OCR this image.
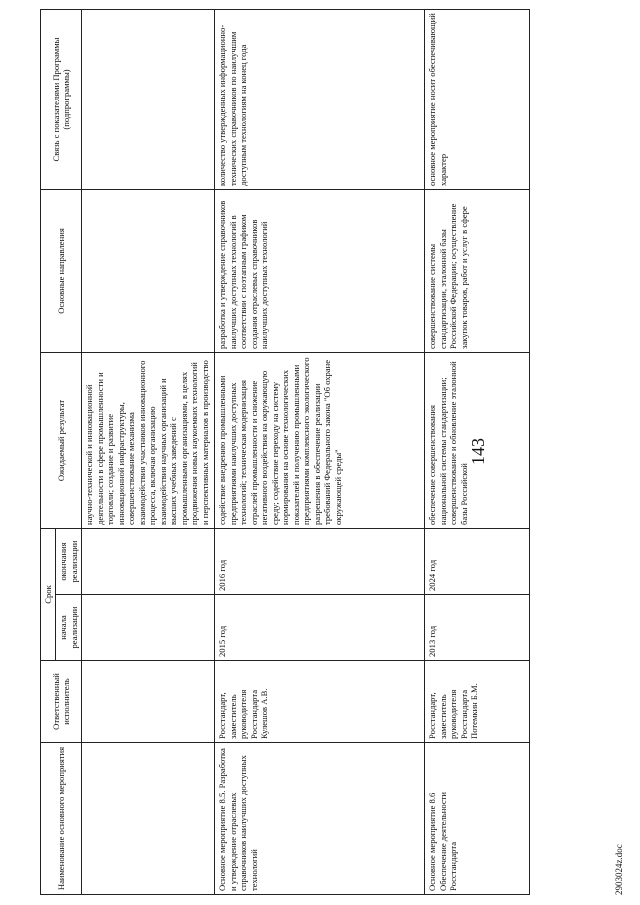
143
Наименование основного мероприятия	Ответственный исполнитель	Срок		Ожидаемый результат	Основные направления	Связь с показателями Программы (подпрограммы)
		начала реализации	окончания реализации			
				научно-технической и инновационной деятельности в сфере промышленности и торговли; создание и развитие инновационной инфраструктуры, совершенствование механизма взаимодействия участников инновационного процесса, включая организацию взаимодействия научных организаций и высших учебных заведений с промышленными организациями, в целях продвижения новых наукоемких технологий и перспективных материалов в производство		
Основное мероприятие 8.5. Разработка и утверждение отраслевых справочников наилучших доступных технологий	Росстандарт, заместитель руководителя Росстандарта Кулешов А.В.	2015 год	2016 год	содействие внедрению промышленными предприятиями наилучших доступных технологий; техническая модернизация отраслей промышленности и снижение негативного воздействия на окружающую среду; содействие переходу на систему нормирования на основе технологических показателей и получению промышленными предприятиями комплексного экологического разрешения в обеспечение реализации требований Федерального закона "Об охране окружающей среды"	разработка и утверждение справочников наилучших доступных технологий в соответствии с поэтапным графиком создания отраслевых справочников наилучших доступных технологий	количество утвержденных информационно-технических справочников по наилучшим доступным технологиям на конец года
Основное мероприятие 8.6 Обеспечение деятельности Росстандарта	Росстандарт, заместитель руководителя Росстандарта Потемкин Б.М.	2013 год	2024 год	обеспечение совершенствования национальной системы стандартизации; совершенствование и обновление эталонной базы Российской	совершенствование системы стандартизации, эталонной базы Российской Федерации; осуществление закупок товаров, работ и услуг в сфере	основное мероприятие носит обеспечивающий характер
2903024z.doc
